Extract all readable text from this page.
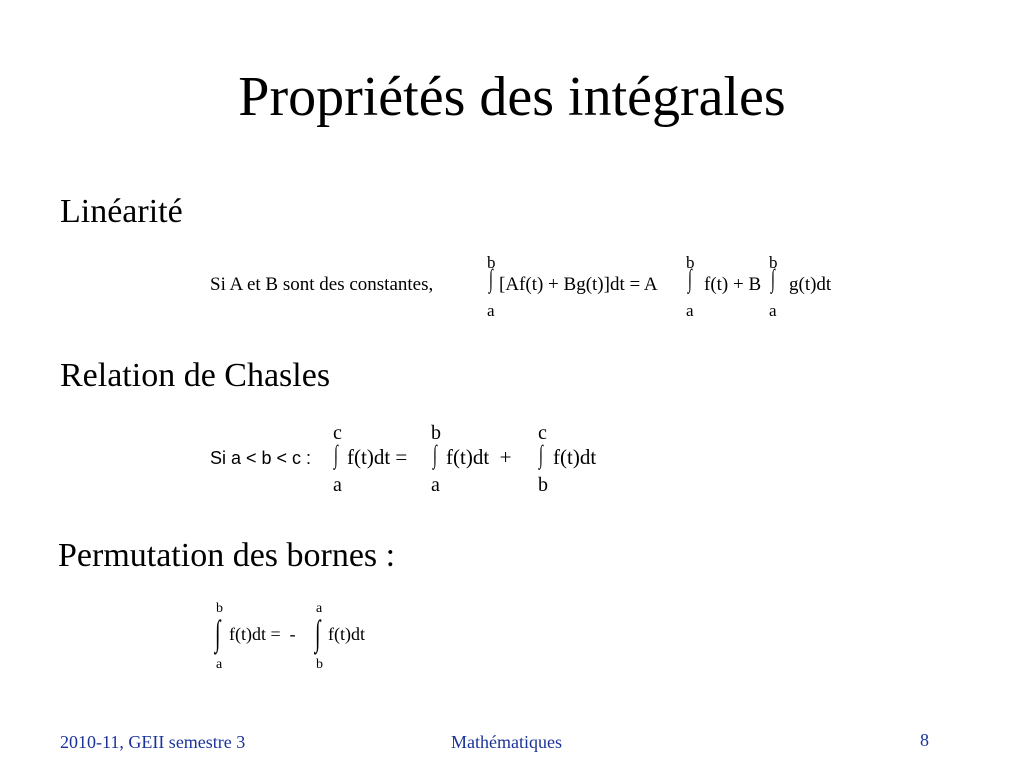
Propriétés des intégrales
Linéarité
Si A et B sont des constantes,
b
∫
a
[Af(t) + Bg(t)]dt = A
b
∫
a
f(t) + B
b
∫
a
g(t)dt
Relation de Chasles
Si a < b < c :
c
∫
a
f(t)dt =
b
∫
a
f(t)dt  +
c
∫
b
f(t)dt
Permutation des bornes :
b
∫
a
f(t)dt =  -
a
∫
b
f(t)dt
2010-11, GEII semestre 3	Mathématiques	8
